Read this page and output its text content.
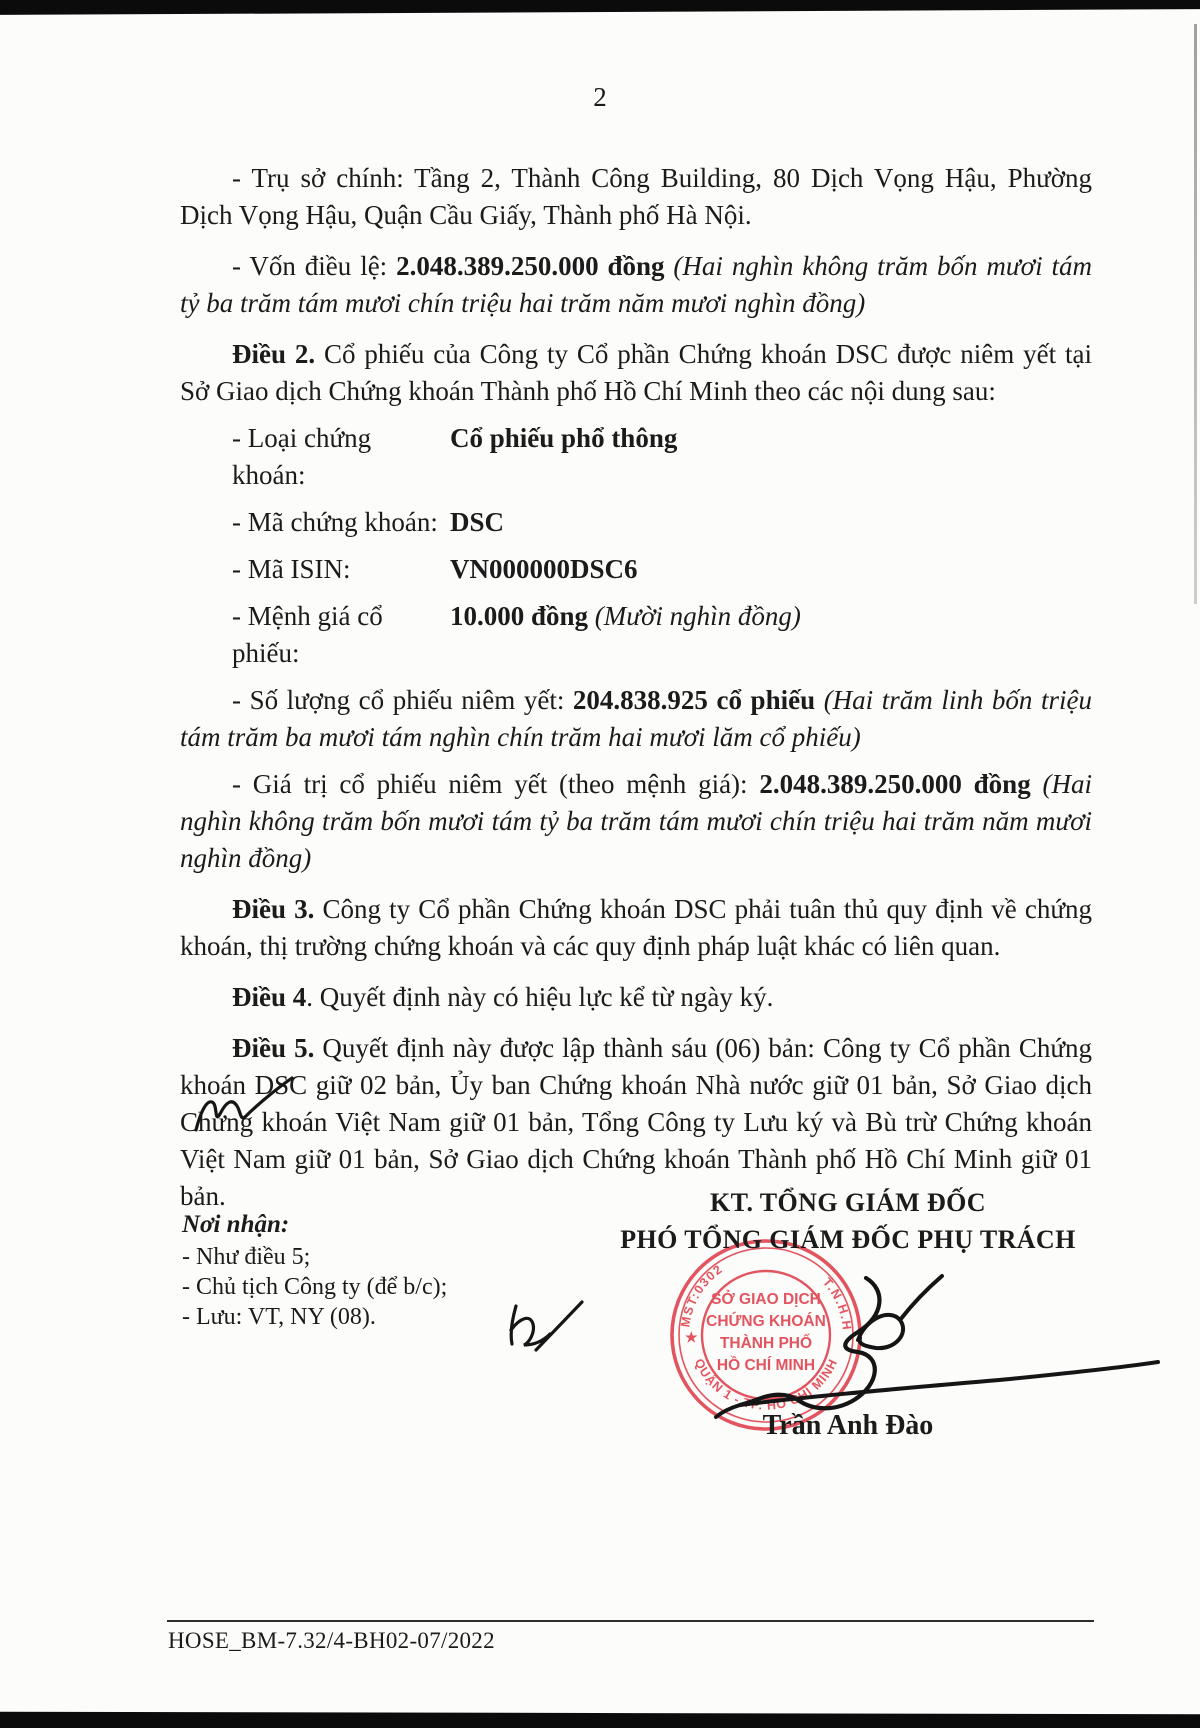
2

- Trụ sở chính: Tầng 2, Thành Công Building, 80 Dịch Vọng Hậu, Phường Dịch Vọng Hậu, Quận Cầu Giấy, Thành phố Hà Nội.

- Vốn điều lệ: 2.048.389.250.000 đồng (Hai nghìn không trăm bốn mươi tám tỷ ba trăm tám mươi chín triệu hai trăm năm mươi nghìn đồng)

Điều 2. Cổ phiếu của Công ty Cổ phần Chứng khoán DSC được niêm yết tại Sở Giao dịch Chứng khoán Thành phố Hồ Chí Minh theo các nội dung sau:

- Loại chứng khoán:
Cổ phiếu phổ thông
- Mã chứng khoán: DSC
- Mã ISIN:	VN000000DSC6
- Mệnh giá cổ phiếu:
10.000 đồng (Mười nghìn đồng)

- Số lượng cổ phiếu niêm yết: 204.838.925 cổ phiếu (Hai trăm linh bốn triệu tám trăm ba mươi tám nghìn chín trăm hai mươi lăm cổ phiếu)

- Giá trị cổ phiếu niêm yết (theo mệnh giá): 2.048.389.250.000 đồng (Hai nghìn không trăm bốn mươi tám tỷ ba trăm tám mươi chín triệu hai trăm năm mươi nghìn đồng)

Điều 3. Công ty Cổ phần Chứng khoán DSC phải tuân thủ quy định về chứng khoán, thị trường chứng khoán và các quy định pháp luật khác có liên quan.

Điều 4. Quyết định này có hiệu lực kể từ ngày ký.

Điều 5. Quyết định này được lập thành sáu (06) bản: Công ty Cổ phần Chứng khoán DSC giữ 02 bản, Ủy ban Chứng khoán Nhà nước giữ 01 bản, Sở Giao dịch Chứng khoán Việt Nam giữ 01 bản, Tổng Công ty Lưu ký và Bù trừ Chứng khoán Việt Nam giữ 01 bản, Sở Giao dịch Chứng khoán Thành phố Hồ Chí Minh giữ 01 bản.

Nơi nhận:
- Như điều 5;
- Chủ tịch Công ty (để b/c);
- Lưu: VT, NY (08).
KT. TỔNG GIÁM ĐỐC
PHÓ TỔNG GIÁM ĐỐC PHỤ TRÁCH
MST:0302
T.N.H.H
QUẬN 1 - TP. HỒ CHÍ MINH
★
SỞ GIAO DỊCH
CHỨNG KHOÁN
THÀNH PHỐ
HỒ CHÍ MINH
Trần Anh Đào
HOSE_BM-7.32/4-BH02-07/2022
